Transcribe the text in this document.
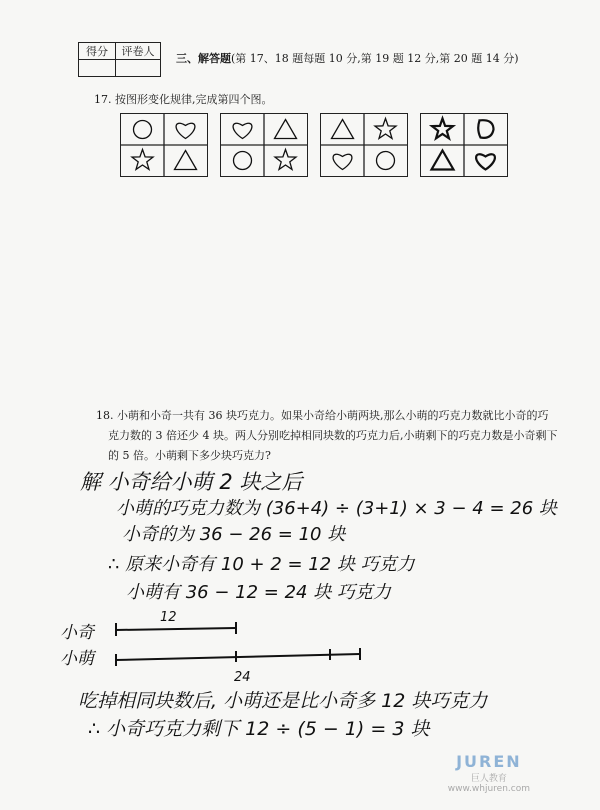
得分	评卷人

三、解答题(第 17、18 题每题 10 分,第 19 题 12 分,第 20 题 14 分)
17. 按图形变化规律,完成第四个图。
18. 小萌和小奇一共有 36 块巧克力。如果小奇给小萌两块,那么小萌的巧克力数就比小奇的巧
克力数的 3 倍还少 4 块。两人分别吃掉相同块数的巧克力后,小萌剩下的巧克力数是小奇剩下
的 5 倍。小萌剩下多少块巧克力?
解 小奇给小萌 2 块之后
小萌的巧克力数为 (36+4) ÷ (3+1) × 3 − 4 = 26 块
小奇的为 36 − 26 = 10 块
∴ 原来小奇有 10 + 2 = 12 块 巧克力
小萌有 36 − 12 = 24 块 巧克力
小奇
小萌
12
24
吃掉相同块数后, 小萌还是比小奇多 12 块巧克力
∴ 小奇巧克力剩下 12 ÷ (5 − 1) = 3 块
JUREN
巨人教育
www.whjuren.com
